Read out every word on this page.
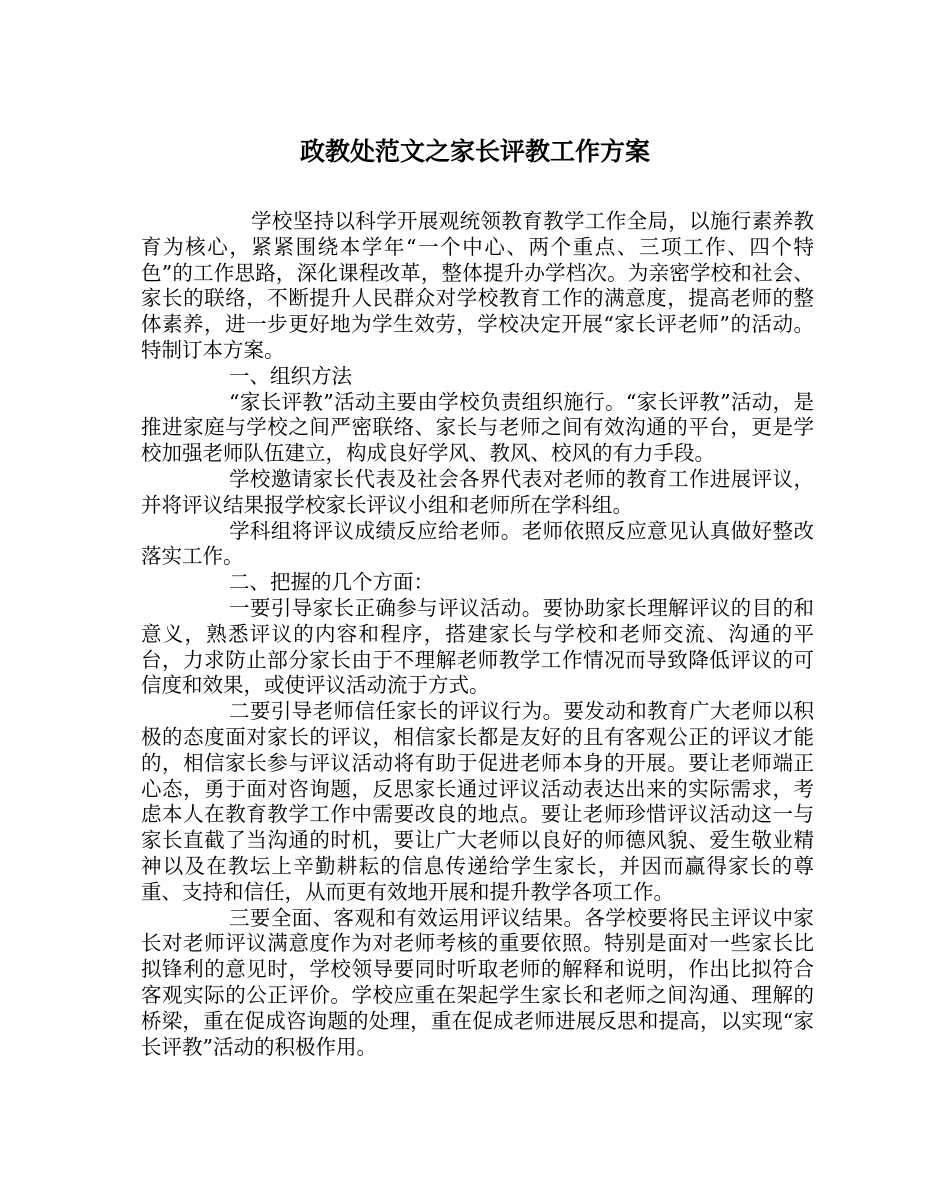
政教处范文之家长评教工作方案

学校坚持以科学开展观统领教育教学工作全局，以施行素养教育为核心，紧紧围绕本学年“一个中心、两个重点、三项工作、四个特色”的工作思路，深化课程改革，整体提升办学档次。为亲密学校和社会、家长的联络，不断提升人民群众对学校教育工作的满意度，提高老师的整体素养，进一步更好地为学生效劳，学校决定开展“家长评老师”的活动。特制订本方案。

一、组织方法

“家长评教”活动主要由学校负责组织施行。“家长评教”活动，是推进家庭与学校之间严密联络、家长与老师之间有效沟通的平台，更是学校加强老师队伍建立，构成良好学风、教风、校风的有力手段。

学校邀请家长代表及社会各界代表对老师的教育工作进展评议，并将评议结果报学校家长评议小组和老师所在学科组。

学科组将评议成绩反应给老师。老师依照反应意见认真做好整改落实工作。

二、把握的几个方面：

一要引导家长正确参与评议活动。要协助家长理解评议的目的和意义，熟悉评议的内容和程序，搭建家长与学校和老师交流、沟通的平台，力求防止部分家长由于不理解老师教学工作情况而导致降低评议的可信度和效果，或使评议活动流于方式。

二要引导老师信任家长的评议行为。要发动和教育广大老师以积极的态度面对家长的评议，相信家长都是友好的且有客观公正的评议才能的，相信家长参与评议活动将有助于促进老师本身的开展。要让老师端正心态，勇于面对咨询题，反思家长通过评议活动表达出来的实际需求，考虑本人在教育教学工作中需要改良的地点。要让老师珍惜评议活动这一与家长直截了当沟通的时机，要让广大老师以良好的师德风貌、爱生敬业精神以及在教坛上辛勤耕耘的信息传递给学生家长，并因而赢得家长的尊重、支持和信任，从而更有效地开展和提升教学各项工作。

三要全面、客观和有效运用评议结果。各学校要将民主评议中家长对老师评议满意度作为对老师考核的重要依照。特别是面对一些家长比拟锋利的意见时，学校领导要同时听取老师的解释和说明，作出比拟符合客观实际的公正评价。学校应重在架起学生家长和老师之间沟通、理解的桥梁，重在促成咨询题的处理，重在促成老师进展反思和提高，以实现“家长评教”活动的积极作用。
